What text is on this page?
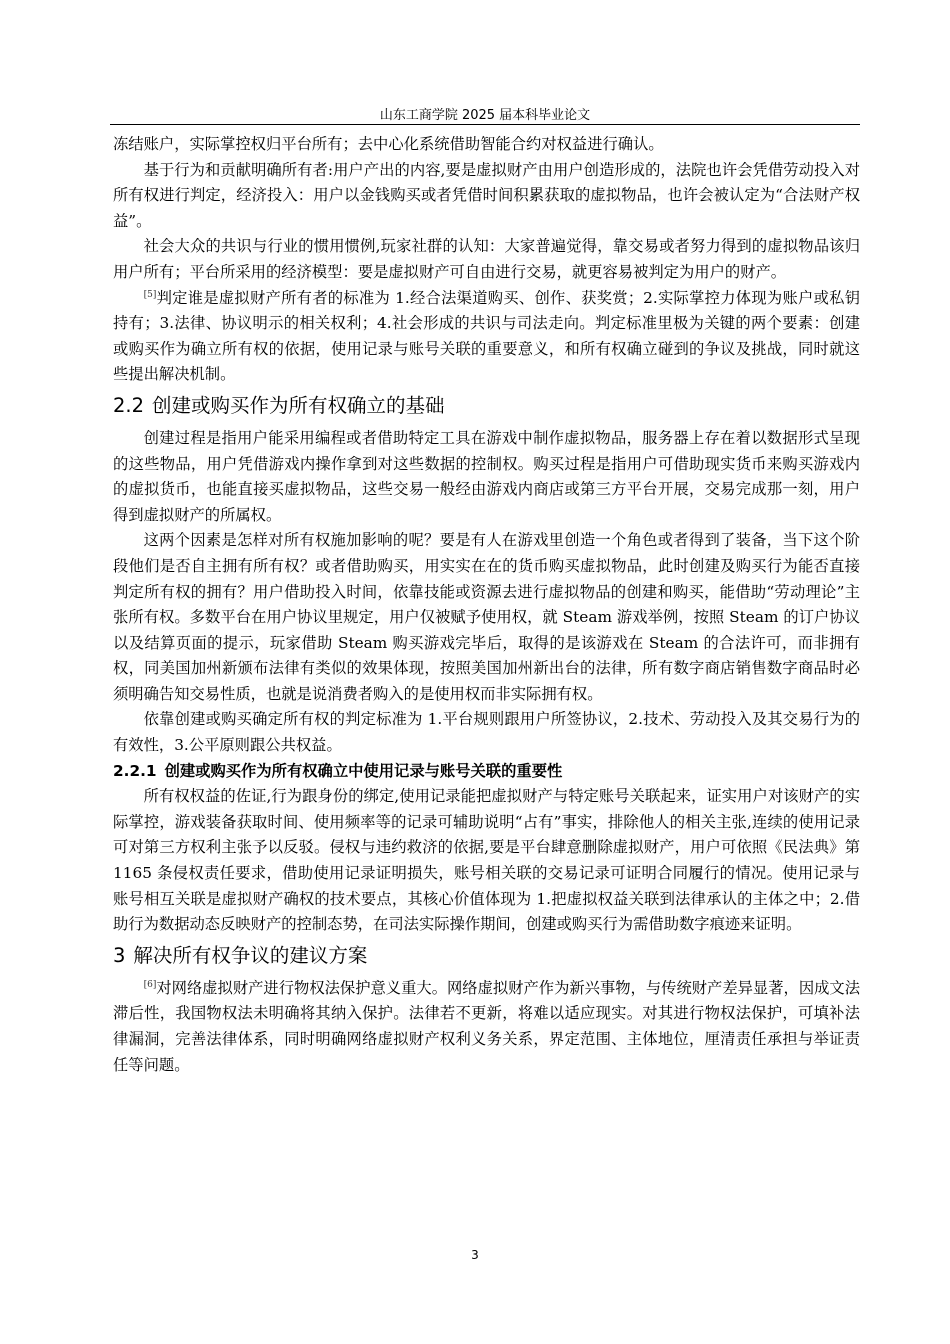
山东工商学院 2025 届本科毕业论文

冻结账户，实际掌控权归平台所有；去中心化系统借助智能合约对权益进行确认。

基于行为和贡献明确所有者:用户产出的内容,要是虚拟财产由用户创造形成的，法院也许会凭借劳动投入对所有权进行判定，经济投入：用户以金钱购买或者凭借时间积累获取的虚拟物品，也许会被认定为“合法财产权益”。

社会大众的共识与行业的惯用惯例,玩家社群的认知：大家普遍觉得，靠交易或者努力得到的虚拟物品该归用户所有；平台所采用的经济模型：要是虚拟财产可自由进行交易，就更容易被判定为用户的财产。

[5]判定谁是虚拟财产所有者的标准为 1.经合法渠道购买、创作、获奖赏；2.实际掌控力体现为账户或私钥持有；3.法律、协议明示的相关权利；4.社会形成的共识与司法走向。判定标准里极为关键的两个要素：创建或购买作为确立所有权的依据，使用记录与账号关联的重要意义，和所有权确立碰到的争议及挑战，同时就这些提出解决机制。

2.2 创建或购买作为所有权确立的基础

创建过程是指用户能采用编程或者借助特定工具在游戏中制作虚拟物品，服务器上存在着以数据形式呈现的这些物品，用户凭借游戏内操作拿到对这些数据的控制权。购买过程是指用户可借助现实货币来购买游戏内的虚拟货币，也能直接买虚拟物品，这些交易一般经由游戏内商店或第三方平台开展，交易完成那一刻，用户得到虚拟财产的所属权。

这两个因素是怎样对所有权施加影响的呢？要是有人在游戏里创造一个角色或者得到了装备，当下这个阶段他们是否自主拥有所有权？或者借助购买，用实实在在的货币购买虚拟物品，此时创建及购买行为能否直接判定所有权的拥有？用户借助投入时间，依靠技能或资源去进行虚拟物品的创建和购买，能借助“劳动理论”主张所有权。多数平台在用户协议里规定，用户仅被赋予使用权，就 Steam 游戏举例，按照 Steam 的订户协议以及结算页面的提示，玩家借助 Steam 购买游戏完毕后，取得的是该游戏在 Steam 的合法许可，而非拥有权，同美国加州新颁布法律有类似的效果体现，按照美国加州新出台的法律，所有数字商店销售数字商品时必须明确告知交易性质，也就是说消费者购入的是使用权而非实际拥有权。

依靠创建或购买确定所有权的判定标准为 1.平台规则跟用户所签协议，2.技术、劳动投入及其交易行为的有效性，3.公平原则跟公共权益。

2.2.1 创建或购买作为所有权确立中使用记录与账号关联的重要性

所有权权益的佐证,行为跟身份的绑定,使用记录能把虚拟财产与特定账号关联起来，证实用户对该财产的实际掌控，游戏装备获取时间、使用频率等的记录可辅助说明“占有”事实，排除他人的相关主张,连续的使用记录可对第三方权利主张予以反驳。侵权与违约救济的依据,要是平台肆意删除虚拟财产，用户可依照《民法典》第 1165 条侵权责任要求，借助使用记录证明损失，账号相关联的交易记录可证明合同履行的情况。使用记录与账号相互关联是虚拟财产确权的技术要点，其核心价值体现为 1.把虚拟权益关联到法律承认的主体之中；2.借助行为数据动态反映财产的控制态势，在司法实际操作期间，创建或购买行为需借助数字痕迹来证明。

3 解决所有权争议的建议方案

[6]对网络虚拟财产进行物权法保护意义重大。网络虚拟财产作为新兴事物，与传统财产差异显著，因成文法滞后性，我国物权法未明确将其纳入保护。法律若不更新，将难以适应现实。对其进行物权法保护，可填补法律漏洞，完善法律体系，同时明确网络虚拟财产权利义务关系，界定范围、主体地位，厘清责任承担与举证责任等问题。

3
